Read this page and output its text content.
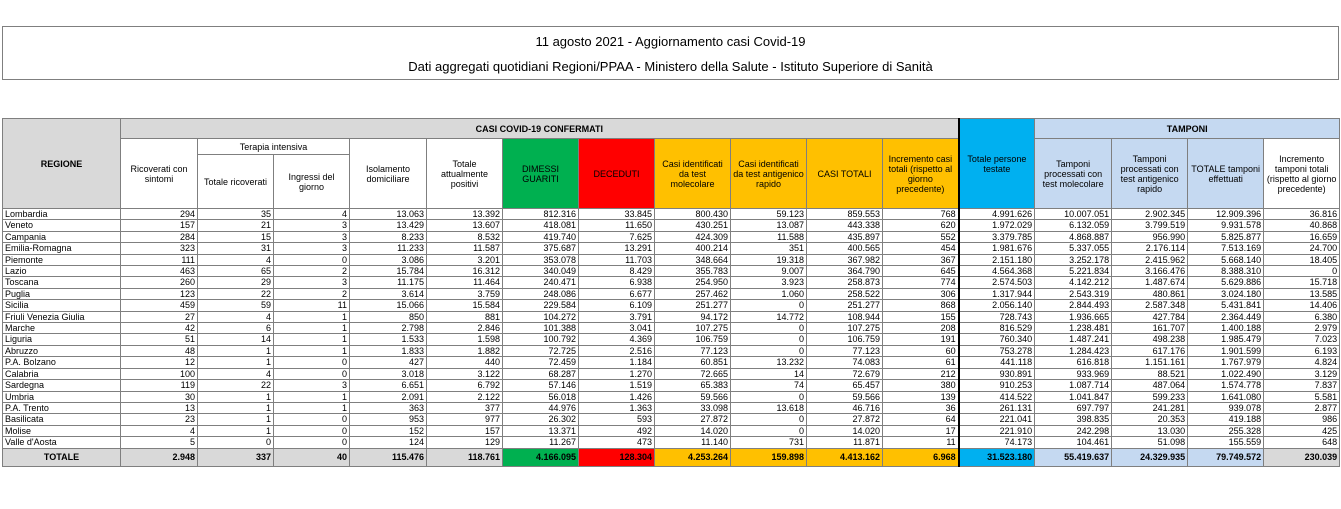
11 agosto 2021 - Aggiornamento casi Covid-19
Dati aggregati quotidiani Regioni/PPAA - Ministero della Salute - Istituto Superiore di Sanità
REGIONE	CASI COVID-19 CONFERMATI											Totale persone testate	TAMPONI			
	Ricoverati con sintomi	Terapia intensiva		Isolamento domiciliare	Totale attualmente positivi	DIMESSI GUARITI	DECEDUTI	Casi identificati da test molecolare	Casi identificati da test antigenico rapido	CASI TOTALI	Incremento casi totali (rispetto al giorno precedente)		Tamponi processati con test molecolare	Tamponi processati con test antigenico rapido	TOTALE tamponi effettuati	Incremento tamponi totali (rispetto al giorno precedente)
		Totale ricoverati	Ingressi del giorno													
Lombardia	294	35	4	13.063	13.392	812.316	33.845	800.430	59.123	859.553	768	4.991.626	10.007.051	2.902.345	12.909.396	36.816
Veneto	157	21	3	13.429	13.607	418.081	11.650	430.251	13.087	443.338	620	1.972.029	6.132.059	3.799.519	9.931.578	40.868
Campania	284	15	3	8.233	8.532	419.740	7.625	424.309	11.588	435.897	552	3.379.785	4.868.887	956.990	5.825.877	16.659
Emilia-Romagna	323	31	3	11.233	11.587	375.687	13.291	400.214	351	400.565	454	1.981.676	5.337.055	2.176.114	7.513.169	24.700
Piemonte	111	4	0	3.086	3.201	353.078	11.703	348.664	19.318	367.982	367	2.151.180	3.252.178	2.415.962	5.668.140	18.405
Lazio	463	65	2	15.784	16.312	340.049	8.429	355.783	9.007	364.790	645	4.564.368	5.221.834	3.166.476	8.388.310	0
Toscana	260	29	3	11.175	11.464	240.471	6.938	254.950	3.923	258.873	774	2.574.503	4.142.212	1.487.674	5.629.886	15.718
Puglia	123	22	2	3.614	3.759	248.086	6.677	257.462	1.060	258.522	306	1.317.944	2.543.319	480.861	3.024.180	13.585
Sicilia	459	59	11	15.066	15.584	229.584	6.109	251.277	0	251.277	868	2.056.140	2.844.493	2.587.348	5.431.841	14.406
Friuli Venezia Giulia	27	4	1	850	881	104.272	3.791	94.172	14.772	108.944	155	728.743	1.936.665	427.784	2.364.449	6.380
Marche	42	6	1	2.798	2.846	101.388	3.041	107.275	0	107.275	208	816.529	1.238.481	161.707	1.400.188	2.979
Liguria	51	14	1	1.533	1.598	100.792	4.369	106.759	0	106.759	191	760.340	1.487.241	498.238	1.985.479	7.023
Abruzzo	48	1	1	1.833	1.882	72.725	2.516	77.123	0	77.123	60	753.278	1.284.423	617.176	1.901.599	6.193
P.A. Bolzano	12	1	0	427	440	72.459	1.184	60.851	13.232	74.083	61	441.118	616.818	1.151.161	1.767.979	4.824
Calabria	100	4	0	3.018	3.122	68.287	1.270	72.665	14	72.679	212	930.891	933.969	88.521	1.022.490	3.129
Sardegna	119	22	3	6.651	6.792	57.146	1.519	65.383	74	65.457	380	910.253	1.087.714	487.064	1.574.778	7.837
Umbria	30	1	1	2.091	2.122	56.018	1.426	59.566	0	59.566	139	414.522	1.041.847	599.233	1.641.080	5.581
P.A. Trento	13	1	1	363	377	44.976	1.363	33.098	13.618	46.716	36	261.131	697.797	241.281	939.078	2.877
Basilicata	23	1	0	953	977	26.302	593	27.872	0	27.872	64	221.041	398.835	20.353	419.188	986
Molise	4	1	0	152	157	13.371	492	14.020	0	14.020	17	221.910	242.298	13.030	255.328	425
Valle d'Aosta	5	0	0	124	129	11.267	473	11.140	731	11.871	11	74.173	104.461	51.098	155.559	648
TOTALE	2.948	337	40	115.476	118.761	4.166.095	128.304	4.253.264	159.898	4.413.162	6.968	31.523.180	55.419.637	24.329.935	79.749.572	230.039
